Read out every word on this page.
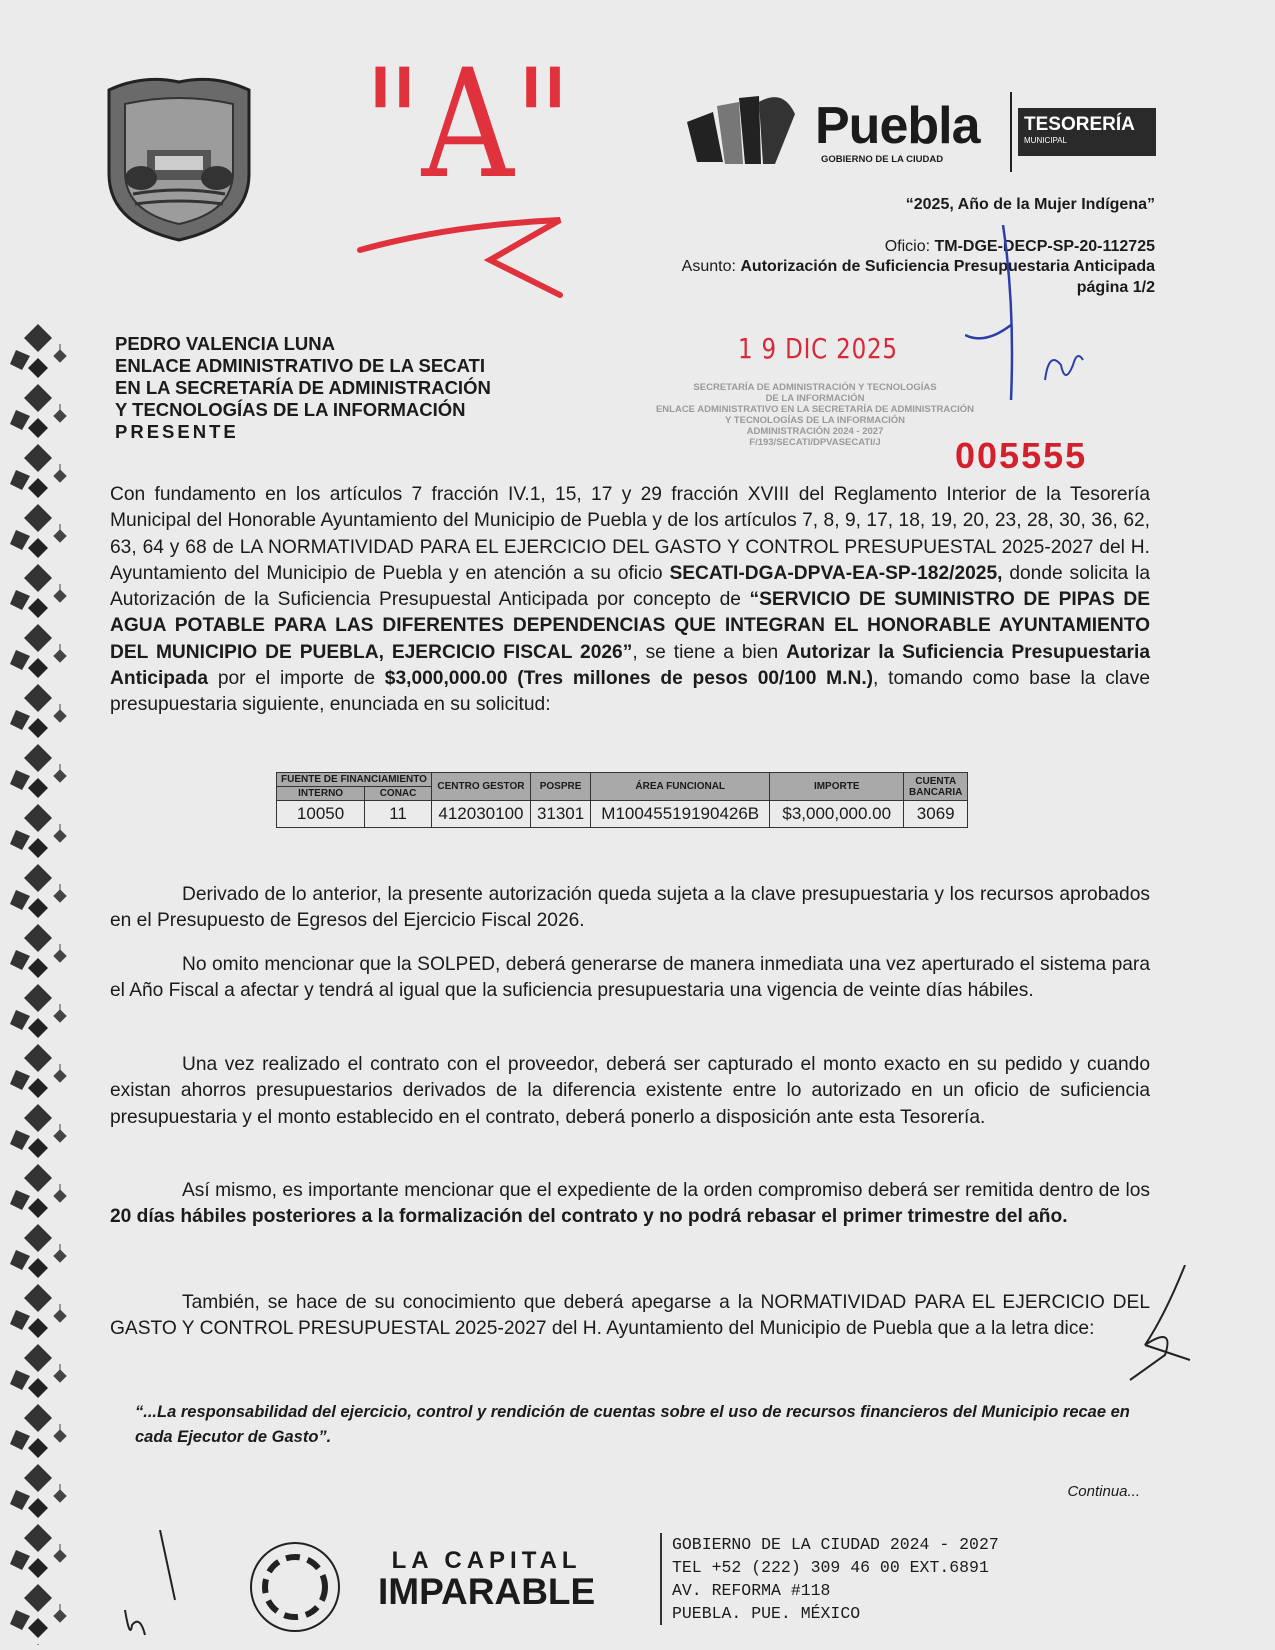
"A"	Puebla
GOBIERNO DE LA CIUDAD
TESORERÍA
MUNICIPAL
“2025, Año de la Mujer Indígena”
Oficio: TM-DGE-DECP-SP-20-112725
Asunto: Autorización de Suficiencia Presupuestaria Anticipada
página 1/2
PEDRO VALENCIA LUNA
ENLACE ADMINISTRATIVO DE LA SECATI
EN LA SECRETARÍA DE ADMINISTRACIÓN
Y TECNOLOGÍAS DE LA INFORMACIÓN
PRESENTE
1 9 DIC 2025
SECRETARÍA DE ADMINISTRACIÓN Y TECNOLOGÍAS
DE LA INFORMACIÓN
ENLACE ADMINISTRATIVO EN LA SECRETARÍA DE ADMINISTRACIÓN
Y TECNOLOGÍAS DE LA INFORMACIÓN
ADMINISTRACIÓN 2024 - 2027
F/193/SECATI/DPVASECATI/J	005555
Con fundamento en los artículos 7 fracción IV.1, 15, 17 y 29 fracción XVIII del Reglamento Interior de la Tesorería Municipal del Honorable Ayuntamiento del Municipio de Puebla y de los artículos 7, 8, 9, 17, 18, 19, 20, 23, 28, 30, 36, 62, 63, 64 y 68 de LA NORMATIVIDAD PARA EL EJERCICIO DEL GASTO Y CONTROL PRESUPUESTAL 2025-2027 del H. Ayuntamiento del Municipio de Puebla y en atención a su oficio SECATI-DGA-DPVA-EA-SP-182/2025, donde solicita la Autorización de la Suficiencia Presupuestal Anticipada por concepto de “SERVICIO DE SUMINISTRO DE PIPAS DE AGUA POTABLE PARA LAS DIFERENTES DEPENDENCIAS QUE INTEGRAN EL HONORABLE AYUNTAMIENTO DEL MUNICIPIO DE PUEBLA, EJERCICIO FISCAL 2026”, se tiene a bien Autorizar la Suficiencia Presupuestaria Anticipada por el importe de $3,000,000.00 (Tres millones de pesos 00/100 M.N.), tomando como base la clave presupuestaria siguiente, enunciada en su solicitud:
FUENTE DE FINANCIAMIENTO		CENTRO GESTOR	POSPRE	ÁREA FUNCIONAL	IMPORTE	CUENTA BANCARIA
INTERNO	CONAC					
10050	11	412030100	31301	M10045519190426B	$3,000,000.00	3069
Derivado de lo anterior, la presente autorización queda sujeta a la clave presupuestaria y los recursos aprobados en el Presupuesto de Egresos del Ejercicio Fiscal 2026.
No omito mencionar que la SOLPED, deberá generarse de manera inmediata una vez aperturado el sistema para el Año Fiscal a afectar y tendrá al igual que la suficiencia presupuestaria una vigencia de veinte días hábiles.
Una vez realizado el contrato con el proveedor, deberá ser capturado el monto exacto en su pedido y cuando existan ahorros presupuestarios derivados de la diferencia existente entre lo autorizado en un oficio de suficiencia presupuestaria y el monto establecido en el contrato, deberá ponerlo a disposición ante esta Tesorería.
Así mismo, es importante mencionar que el expediente de la orden compromiso deberá ser remitida dentro de los 20 días hábiles posteriores a la formalización del contrato y no podrá rebasar el primer trimestre del año.
También, se hace de su conocimiento que deberá apegarse a la NORMATIVIDAD PARA EL EJERCICIO DEL GASTO Y CONTROL PRESUPUESTAL 2025-2027 del H. Ayuntamiento del Municipio de Puebla que a la letra dice:
“...La responsabilidad del ejercicio, control y rendición de cuentas sobre el uso de recursos financieros del Municipio recae en cada Ejecutor de Gasto”.
Continua...
LA CAPITAL
IMPARABLE
GOBIERNO DE LA CIUDAD 2024 - 2027
TEL +52 (222) 309 46 00 EXT.6891
AV. REFORMA #118
PUEBLA. PUE. MÉXICO
